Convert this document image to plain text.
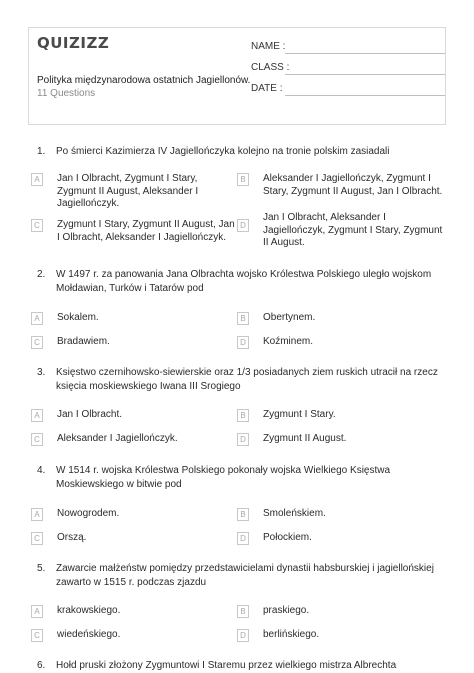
QUIZIZZ
Polityka międzynarodowa ostatnich Jagiellonów.
11 Questions
NAME :
CLASS :
DATE :
1.	Po śmierci Kazimierza IV Jagiellończyka kolejno na tronie polskim zasiadali
A	Jan I Olbracht, Zygmunt I Stary, Zygmunt II August, Aleksander I Jagiellończyk.
B	Aleksander I Jagiellończyk, Zygmunt I Stary, Zygmunt II August, Jan I Olbracht.
C	Zygmunt I Stary, Zygmunt II August, Jan I Olbracht, Aleksander I Jagiellończyk.
D
Jan I Olbracht, Aleksander I Jagiellończyk, Zygmunt I Stary, Zygmunt II August.
2.	W 1497 r. za panowania Jana Olbrachta wojsko Królestwa Polskiego uległo wojskom Mołdawian, Turków i Tatarów pod
A	Sokalem.	B	Obertynem.
C	Bradawiem.	D	Koźminem.
3.	Księstwo czernihowsko-siewierskie oraz 1/3 posiadanych ziem ruskich utracił na rzecz księcia moskiewskiego Iwana III Srogiego
A	Jan I Olbracht.	B	Zygmunt I Stary.
C	Aleksander I Jagiellończyk.	D	Zygmunt II August.
4.	W 1514 r. wojska Królestwa Polskiego pokonały wojska Wielkiego Księstwa Moskiewskiego w bitwie pod
A	Nowogrodem.	B	Smoleńskiem.
C	Orszą.	D	Połockiem.
5.	Zawarcie małżeństw pomiędzy przedstawicielami dynastii habsburskiej i jagiellońskiej zawarto w 1515 r. podczas zjazdu
A	krakowskiego.	B	praskiego.
C	wiedeńskiego.	D	berlińskiego.
6.	Hołd pruski złożony Zygmuntowi I Staremu przez wielkiego mistrza Albrechta
